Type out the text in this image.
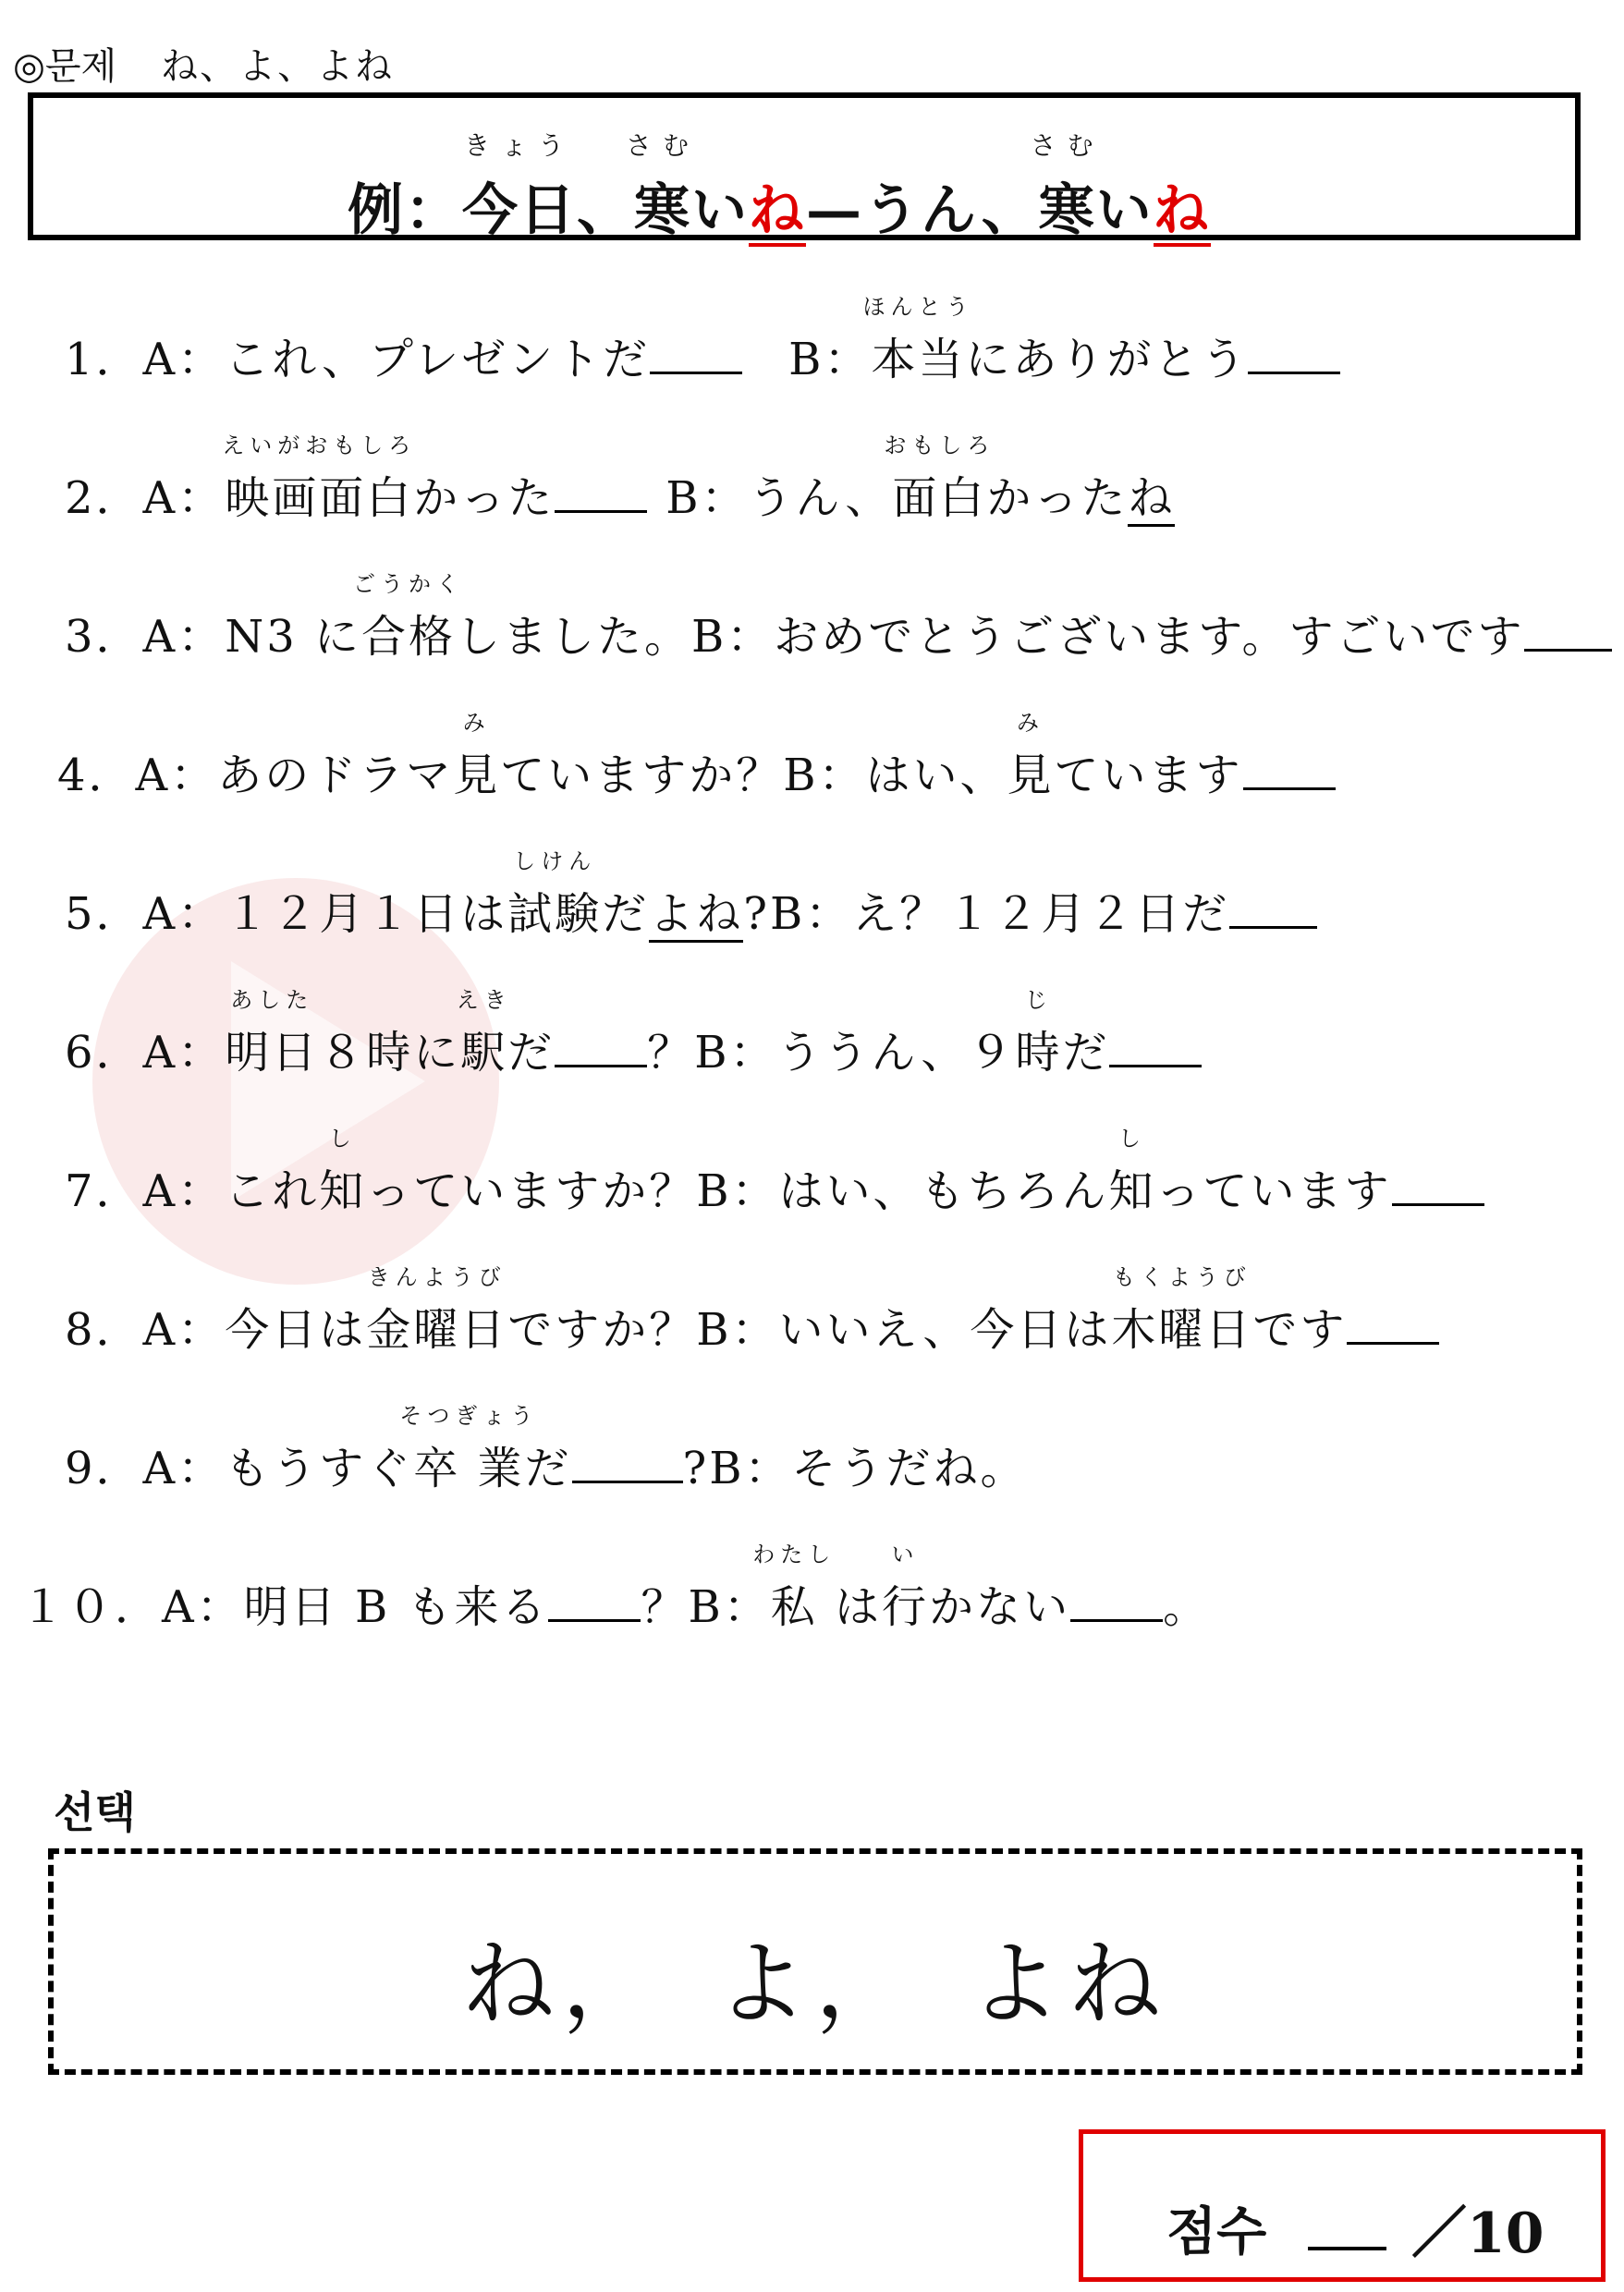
◎문제 ね、よ、よね
例：
きょう
今日、
さむ
寒いね—うん、
さむ
寒いね
1．A：これ、プレゼントだ	B：
ほんとう
本当にありがとう
2．A：
えいがおもしろ
映画面白かった	B：うん、
おもしろ
面白かったね
3．A：N3 に
ごうかく
合格しました。B：おめでとうございます。すごいです
4．A：あのドラマ
み
見ていますか？B：はい、
み
見ています
5．A：１２月１日は
しけん
試験だよね?B：え？１２月２日だ
6．A：
あした
明日８時に
えき
駅だ ？B：ううん、９
じ
時だ
7．A：これ
し
知っていますか？B：はい、もちろん
し
知っています
8．A：今日は
きんようび
金曜日ですか？B：いいえ、今日は
もくようび
木曜日です
9．A：もうすぐ
そつぎょう
卒 業だ	?B：そうだね。
１０．A：明日 B も来る ？B：
わたし
私 は
い
行かない 。
선택
ね，　よ，　よね
점수	／10
